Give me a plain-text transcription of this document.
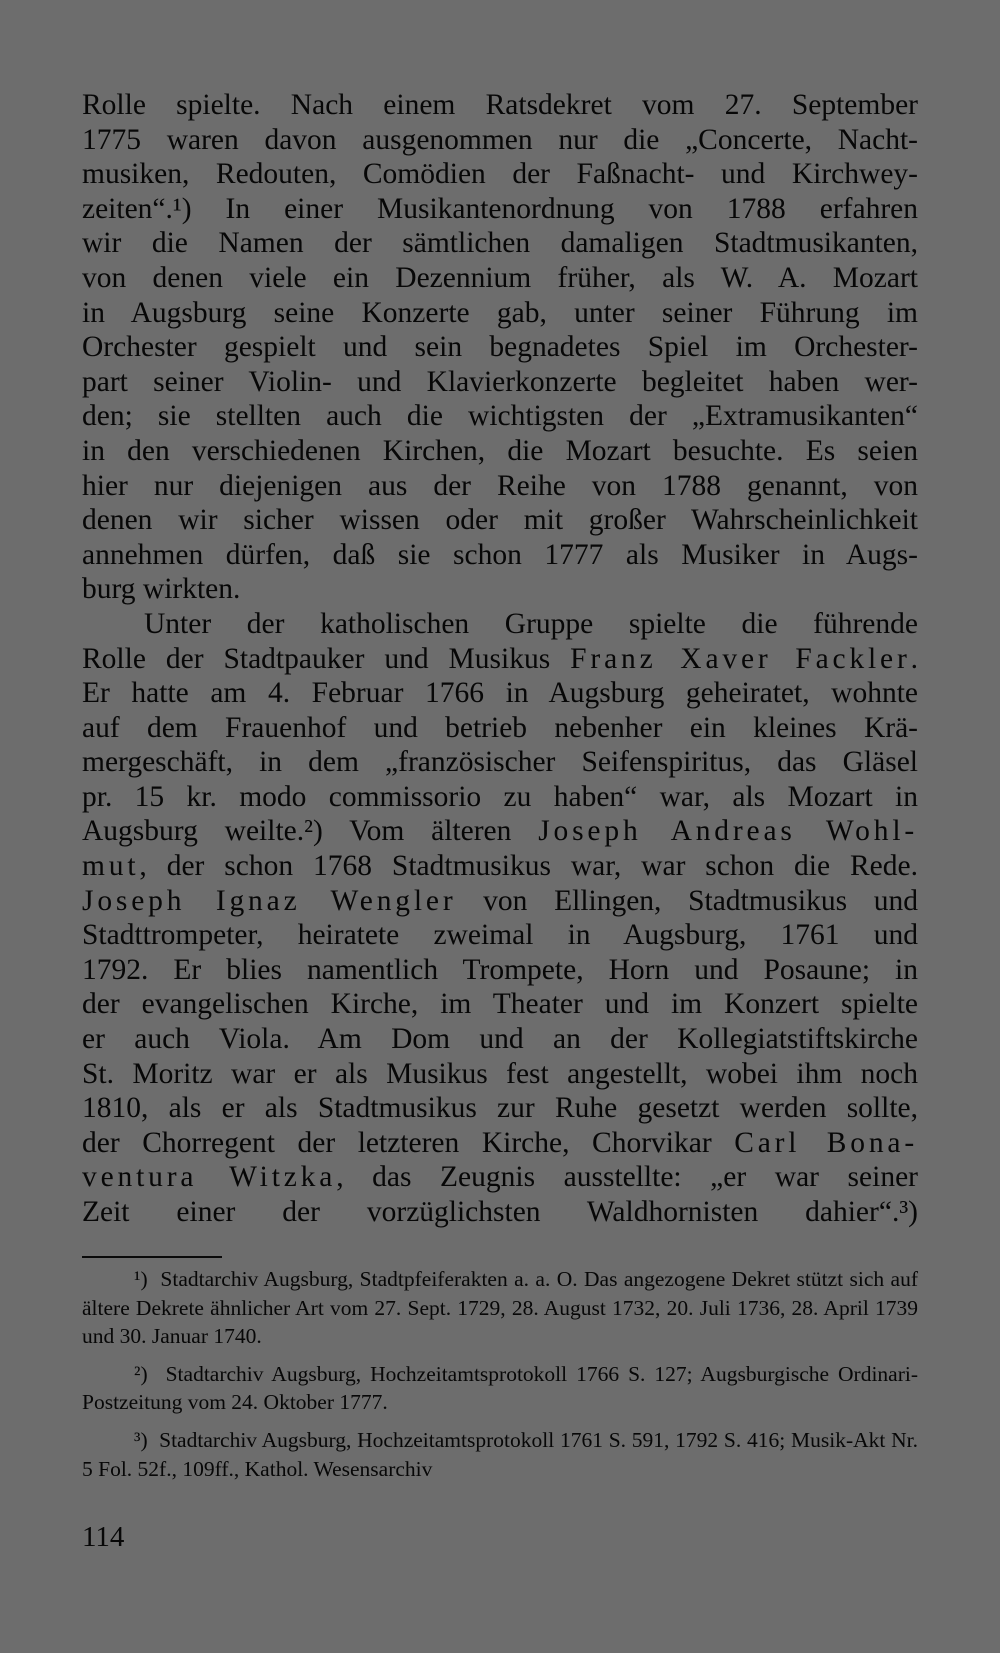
Rolle spielte. Nach einem Ratsdekret vom 27. September
1775 waren davon ausgenommen nur die „Concerte, Nacht-
musiken, Redouten, Comödien der Faßnacht- und Kirchwey-
zeiten“.¹) In einer Musikantenordnung von 1788 erfahren
wir die Namen der sämtlichen damaligen Stadtmusikanten,
von denen viele ein Dezennium früher, als W. A. Mozart
in Augsburg seine Konzerte gab, unter seiner Führung im
Orchester gespielt und sein begnadetes Spiel im Orchester-
part seiner Violin- und Klavierkonzerte begleitet haben wer-
den; sie stellten auch die wichtigsten der „Extramusikanten“
in den verschiedenen Kirchen, die Mozart besuchte. Es seien
hier nur diejenigen aus der Reihe von 1788 genannt, von
denen wir sicher wissen oder mit großer Wahrscheinlichkeit
annehmen dürfen, daß sie schon 1777 als Musiker in Augs-
burg wirkten.
Unter der katholischen Gruppe spielte die führende
Rolle der Stadtpauker und Musikus Franz Xaver Fackler.
Er hatte am 4. Februar 1766 in Augsburg geheiratet, wohnte
auf dem Frauenhof und betrieb nebenher ein kleines Krä-
mergeschäft, in dem „französischer Seifenspiritus, das Gläsel
pr. 15 kr. modo commissorio zu haben“ war, als Mozart in
Augsburg weilte.²) Vom älteren Joseph Andreas Wohl-
mut, der schon 1768 Stadtmusikus war, war schon die Rede.
Joseph Ignaz Wengler von Ellingen, Stadtmusikus und
Stadttrompeter, heiratete zweimal in Augsburg, 1761 und
1792. Er blies namentlich Trompete, Horn und Posaune; in
der evangelischen Kirche, im Theater und im Konzert spielte
er auch Viola. Am Dom und an der Kollegiatstiftskirche
St. Moritz war er als Musikus fest angestellt, wobei ihm noch
1810, als er als Stadtmusikus zur Ruhe gesetzt werden sollte,
der Chorregent der letzteren Kirche, Chorvikar Carl Bona-
ventura Witzka, das Zeugnis ausstellte: „er war seiner
Zeit einer der vorzüglichsten Waldhornisten dahier“.³)
¹) Stadtarchiv Augsburg, Stadtpfeiferakten a. a. O. Das angezogene Dekret stützt sich auf ältere Dekrete ähnlicher Art vom 27. Sept. 1729, 28. August 1732, 20. Juli 1736, 28. April 1739 und 30. Januar 1740.
²) Stadtarchiv Augsburg, Hochzeitamtsprotokoll 1766 S. 127; Augsburgische Ordinari-Postzeitung vom 24. Oktober 1777.
³) Stadtarchiv Augsburg, Hochzeitamtsprotokoll 1761 S. 591, 1792 S. 416; Musik-Akt Nr. 5 Fol. 52f., 109ff., Kathol. Wesensarchiv
114
